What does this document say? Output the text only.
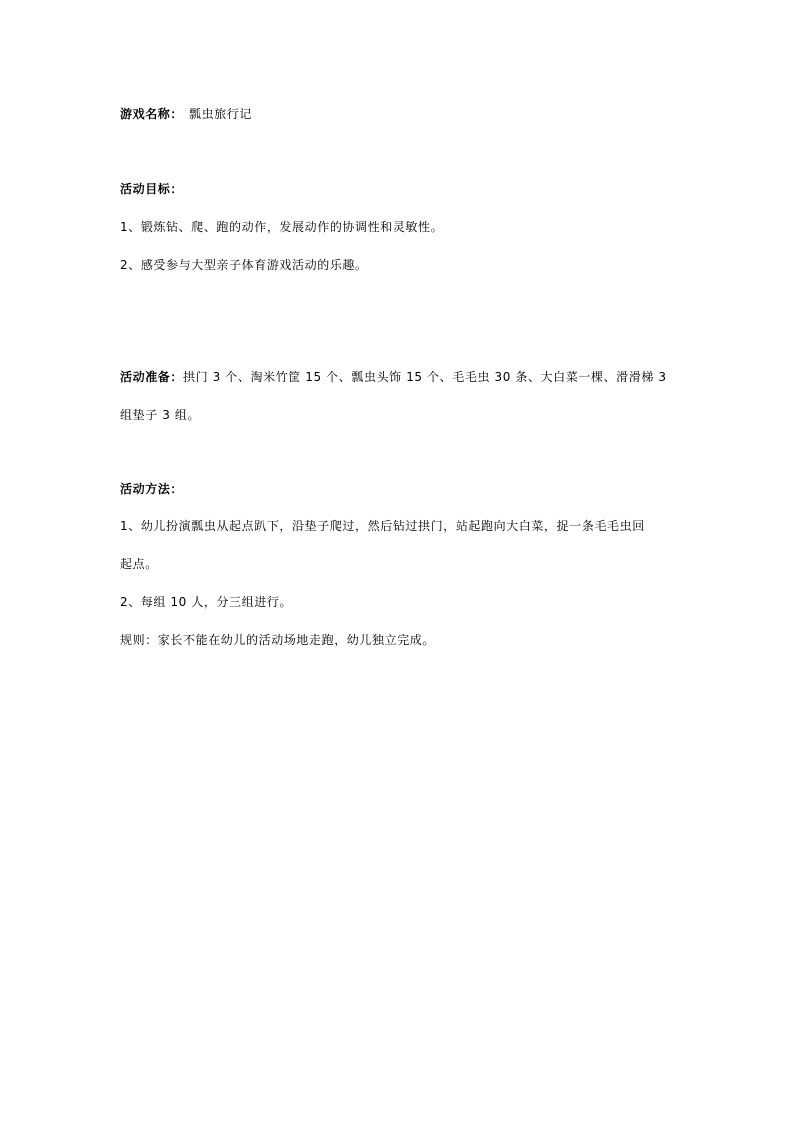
游戏名称： 瓢虫旅行记
活动目标：
1、锻炼钻、爬、跑的动作，发展动作的协调性和灵敏性。
2、感受参与大型亲子体育游戏活动的乐趣。
活动准备：拱门 3 个、淘米竹筐 15 个、瓢虫头饰 15 个、毛毛虫 30 条、大白菜一棵、滑滑梯 3
组垫子 3 组。
活动方法：
1、幼儿扮演瓢虫从起点趴下，沿垫子爬过，然后钻过拱门，站起跑向大白菜，捉一条毛毛虫回
起点。
2、每组 10 人，分三组进行。
规则：家长不能在幼儿的活动场地走跑，幼儿独立完成。
